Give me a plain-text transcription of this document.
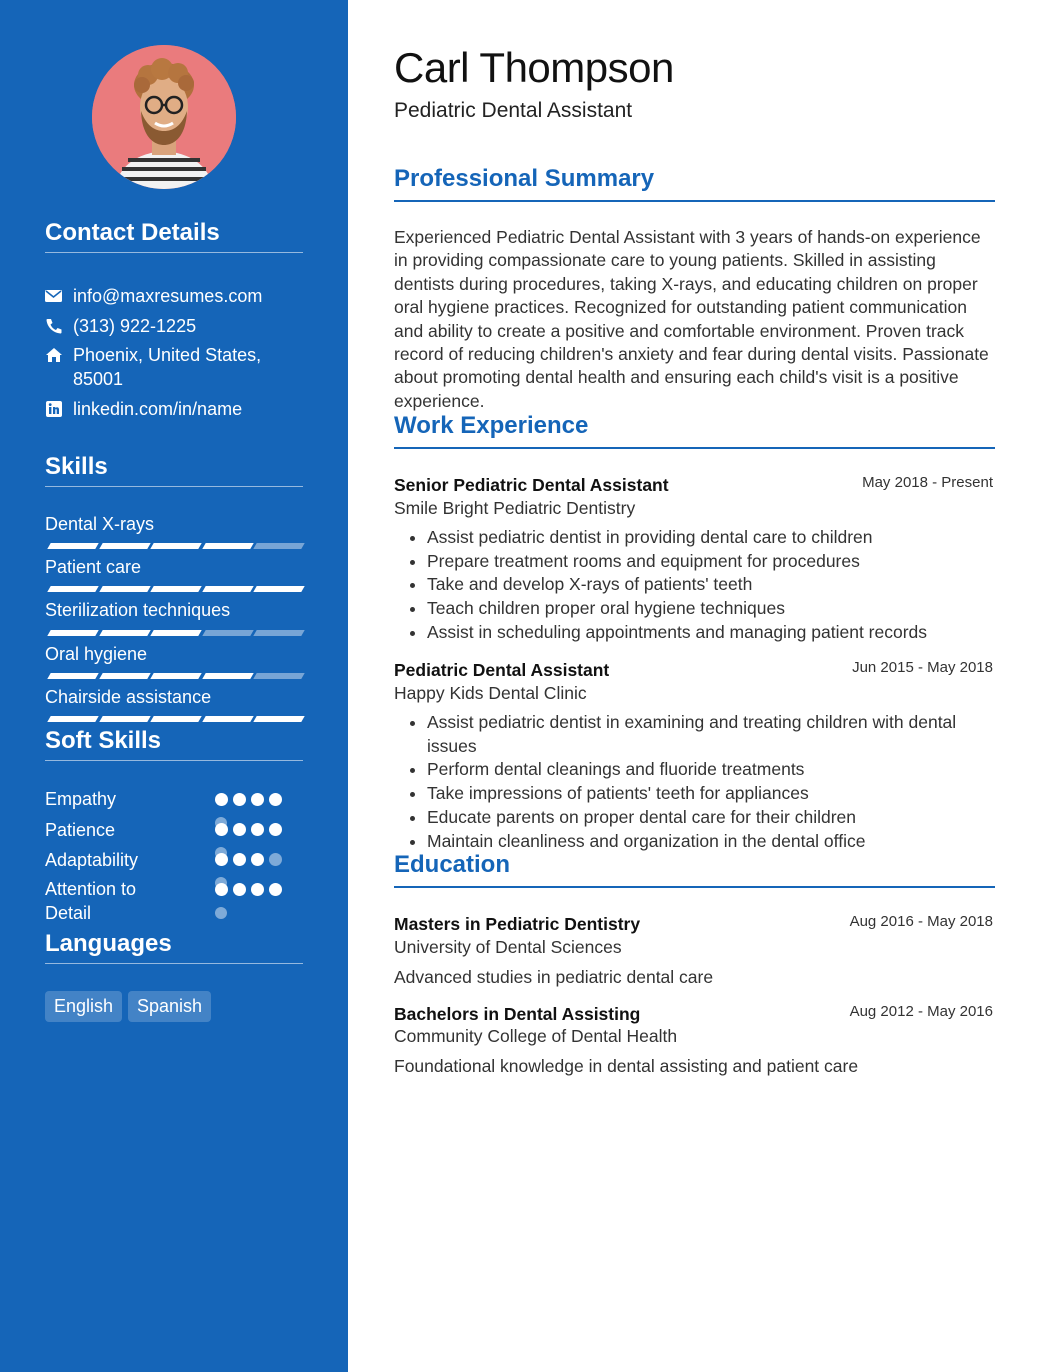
Contact Details
info@maxresumes.com
(313) 922-1225
Phoenix, United States,
85001
linkedin.com/in/name
Skills
Dental X-rays
Patient care
Sterilization techniques
Oral hygiene
Chairside assistance
Soft Skills
Empathy
Patience
Adaptability
Attention to
Detail
Languages
English	Spanish
Carl Thompson
Pediatric Dental Assistant
Professional Summary
Experienced Pediatric Dental Assistant with 3 years of hands-on experience in providing compassionate care to young patients. Skilled in assisting dentists during procedures, taking X-rays, and educating children on proper oral hygiene practices. Recognized for outstanding patient communication and ability to create a positive and comfortable environment. Proven track record of reducing children's anxiety and fear during dental visits. Passionate about promoting dental health and ensuring each child's visit is a positive experience.
Work Experience
Senior Pediatric Dental Assistant	May 2018 - Present
Smile Bright Pediatric Dentistry
• Assist pediatric dentist in providing dental care to children
• Prepare treatment rooms and equipment for procedures
• Take and develop X-rays of patients' teeth
• Teach children proper oral hygiene techniques
• Assist in scheduling appointments and managing patient records
Pediatric Dental Assistant	Jun 2015 - May 2018
Happy Kids Dental Clinic
• Assist pediatric dentist in examining and treating children with dental issues
• Perform dental cleanings and fluoride treatments
• Take impressions of patients' teeth for appliances
• Educate parents on proper dental care for their children
• Maintain cleanliness and organization in the dental office
Education
Masters in Pediatric Dentistry	Aug 2016 - May 2018
University of Dental Sciences
Advanced studies in pediatric dental care
Bachelors in Dental Assisting	Aug 2012 - May 2016
Community College of Dental Health
Foundational knowledge in dental assisting and patient care
